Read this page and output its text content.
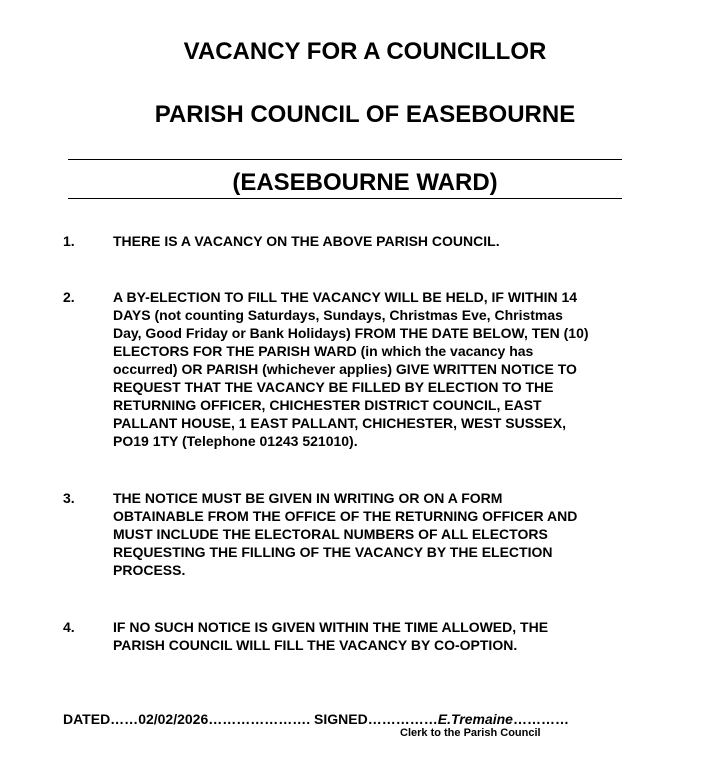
VACANCY FOR A COUNCILLOR
PARISH COUNCIL OF EASEBOURNE
(EASEBOURNE WARD)
1.	THERE IS A VACANCY ON THE ABOVE PARISH COUNCIL.
2.	A BY-ELECTION TO FILL THE VACANCY WILL BE HELD, IF WITHIN 14
DAYS (not counting Saturdays, Sundays, Christmas Eve, Christmas
Day, Good Friday or Bank Holidays) FROM THE DATE BELOW, TEN (10)
ELECTORS FOR THE PARISH WARD (in which the vacancy has
occurred) OR PARISH (whichever applies) GIVE WRITTEN NOTICE TO
REQUEST THAT THE VACANCY BE FILLED BY ELECTION TO THE
RETURNING OFFICER, CHICHESTER DISTRICT COUNCIL, EAST
PALLANT HOUSE, 1 EAST PALLANT, CHICHESTER, WEST SUSSEX,
PO19 1TY (Telephone 01243 521010).
3.	THE NOTICE MUST BE GIVEN IN WRITING OR ON A FORM
OBTAINABLE FROM THE OFFICE OF THE RETURNING OFFICER AND
MUST INCLUDE THE ELECTORAL NUMBERS OF ALL ELECTORS
REQUESTING THE FILLING OF THE VACANCY BY THE ELECTION
PROCESS.
4.	IF NO SUCH NOTICE IS GIVEN WITHIN THE TIME ALLOWED, THE
PARISH COUNCIL WILL FILL THE VACANCY BY CO-OPTION.
DATED……02/02/2026…………………. SIGNED……………E.Tremaine…………
Clerk to the Parish Council
